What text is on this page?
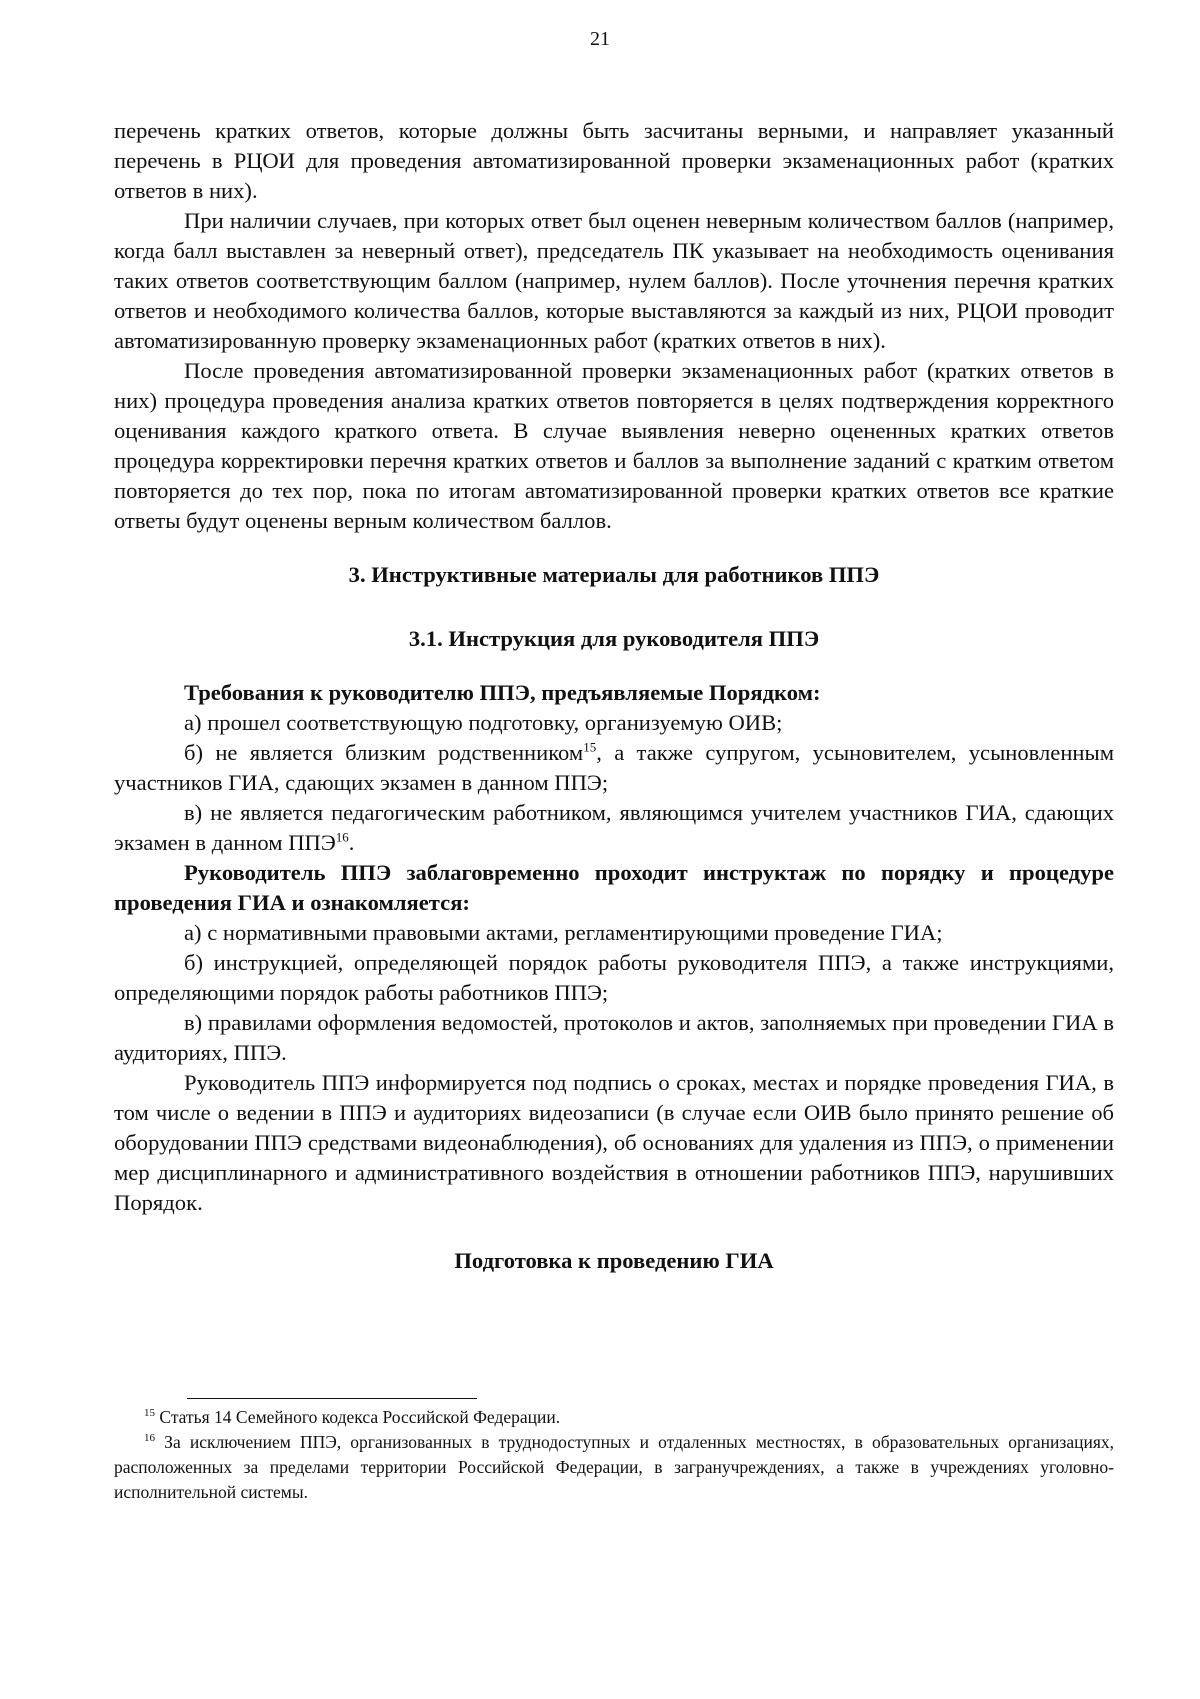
21

перечень кратких ответов, которые должны быть засчитаны верными, и направляет указанный перечень в РЦОИ для проведения автоматизированной проверки экзаменационных работ (кратких ответов в них).

При наличии случаев, при которых ответ был оценен неверным количеством баллов (например, когда балл выставлен за неверный ответ), председатель ПК указывает на необходимость оценивания таких ответов соответствующим баллом (например, нулем баллов). После уточнения перечня кратких ответов и необходимого количества баллов, которые выставляются за каждый из них, РЦОИ проводит автоматизированную проверку экзаменационных работ (кратких ответов в них).

После проведения автоматизированной проверки экзаменационных работ (кратких ответов в них) процедура проведения анализа кратких ответов повторяется в целях подтверждения корректного оценивания каждого краткого ответа. В случае выявления неверно оцененных кратких ответов процедура корректировки перечня кратких ответов и баллов за выполнение заданий с кратким ответом повторяется до тех пор, пока по итогам автоматизированной проверки кратких ответов все краткие ответы будут оценены верным количеством баллов.

3. Инструктивные материалы для работников ППЭ
3.1. Инструкция для руководителя ППЭ

Требования к руководителю ППЭ, предъявляемые Порядком:

а) прошел соответствующую подготовку, организуемую ОИВ;

б) не является близким родственником$^{15}$, а также супругом, усыновителем, усыновленным участников ГИА, сдающих экзамен в данном ППЭ;

в) не является педагогическим работником, являющимся учителем участников ГИА, сдающих экзамен в данном ППЭ$^{16}$.

Руководитель ППЭ заблаговременно проходит инструктаж по порядку и процедуре проведения ГИА и ознакомляется:

а) с нормативными правовыми актами, регламентирующими проведение ГИА;

б) инструкцией, определяющей порядок работы руководителя ППЭ, а также инструкциями, определяющими порядок работы работников ППЭ;

в) правилами оформления ведомостей, протоколов и актов, заполняемых при проведении ГИА в аудиториях, ППЭ.

Руководитель ППЭ информируется под подпись о сроках, местах и порядке проведения ГИА, в том числе о ведении в ППЭ и аудиториях видеозаписи (в случае если ОИВ было принято решение об оборудовании ППЭ средствами видеонаблюдения), об основаниях для удаления из ППЭ, о применении мер дисциплинарного и административного воздействия в отношении работников ППЭ, нарушивших Порядок.

Подготовка к проведению ГИА

$^{15}$ Статья 14 Семейного кодекса Российской Федерации.

$^{16}$ За исключением ППЭ, организованных в труднодоступных и отдаленных местностях, в образовательных организациях, расположенных за пределами территории Российской Федерации, в загранучреждениях, а также в учреждениях уголовно-исполнительной системы.
